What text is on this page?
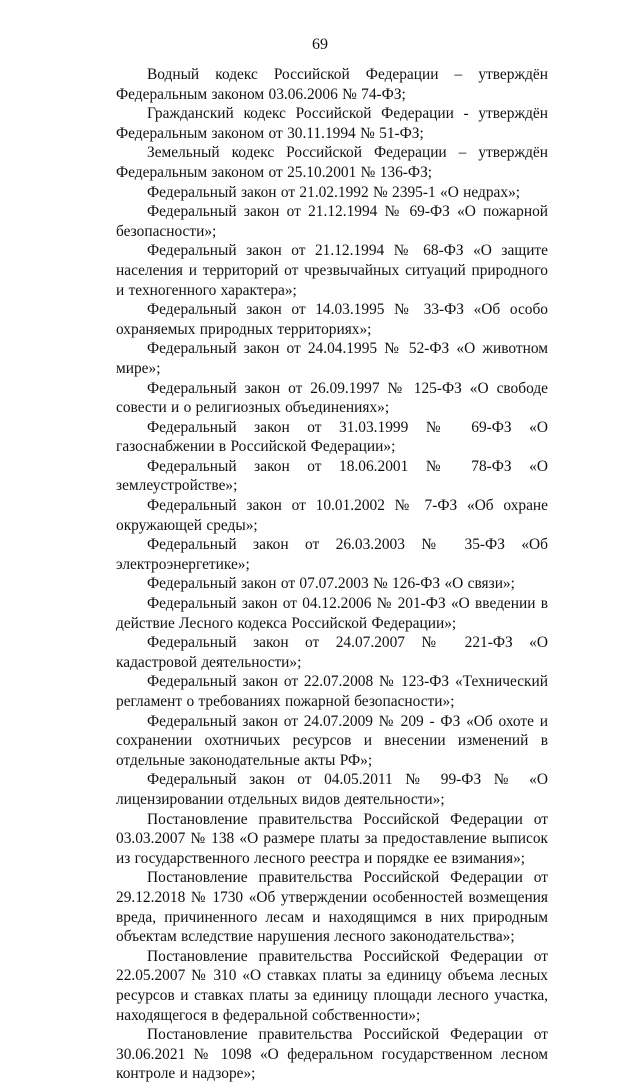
69

Водный кодекс Российской Федерации – утверждён Федеральным законом 03.06.2006 № 74-ФЗ;

Гражданский кодекс Российской Федерации - утверждён Федеральным законом от 30.11.1994 № 51-ФЗ;

Земельный кодекс Российской Федерации – утверждён Федеральным законом от 25.10.2001 № 136-ФЗ;

Федеральный закон от 21.02.1992 № 2395-1 «О недрах»;

Федеральный закон от 21.12.1994 № 69-ФЗ «О пожарной безопасности»;

Федеральный закон от 21.12.1994 № 68-ФЗ «О защите населения и территорий от чрезвычайных ситуаций природного и техногенного характера»;

Федеральный закон от 14.03.1995 № 33-ФЗ «Об особо охраняемых природных территориях»;

Федеральный закон от 24.04.1995 № 52-ФЗ «О животном мире»;

Федеральный закон от 26.09.1997 № 125-ФЗ «О свободе совести и о религиозных объединениях»;

Федеральный закон от 31.03.1999 № 69-ФЗ «О газоснабжении в Российской Федерации»;

Федеральный закон от 18.06.2001 № 78-ФЗ «О землеустройстве»;

Федеральный закон от 10.01.2002 № 7-ФЗ «Об охране окружающей среды»;

Федеральный закон от 26.03.2003 № 35-ФЗ «Об электроэнергетике»;

Федеральный закон от 07.07.2003 № 126-ФЗ «О связи»;

Федеральный закон от 04.12.2006 № 201-ФЗ «О введении в действие Лесного кодекса Российской Федерации»;

Федеральный закон от 24.07.2007 № 221-ФЗ «О кадастровой деятельности»;

Федеральный закон от 22.07.2008 № 123-ФЗ «Технический регламент о требованиях пожарной безопасности»;

Федеральный закон от 24.07.2009 № 209 - ФЗ «Об охоте и сохранении охотничьих ресурсов и внесении изменений в отдельные законодательные акты РФ»;

Федеральный закон от 04.05.2011 № 99-ФЗ № «О лицензировании отдельных видов деятельности»;

Постановление правительства Российской Федерации от 03.03.2007 № 138 «О размере платы за предоставление выписок из государственного лесного реестра и порядке ее взимания»;

Постановление правительства Российской Федерации от 29.12.2018 № 1730 «Об утверждении особенностей возмещения вреда, причиненного лесам и находящимся в них природным объектам вследствие нарушения лесного законодательства»;

Постановление правительства Российской Федерации от 22.05.2007 № 310 «О ставках платы за единицу объема лесных ресурсов и ставках платы за единицу площади лесного участка, находящегося в федеральной собственности»;

Постановление правительства Российской Федерации от 30.06.2021 № 1098 «О федеральном государственном лесном контроле и надзоре»;
